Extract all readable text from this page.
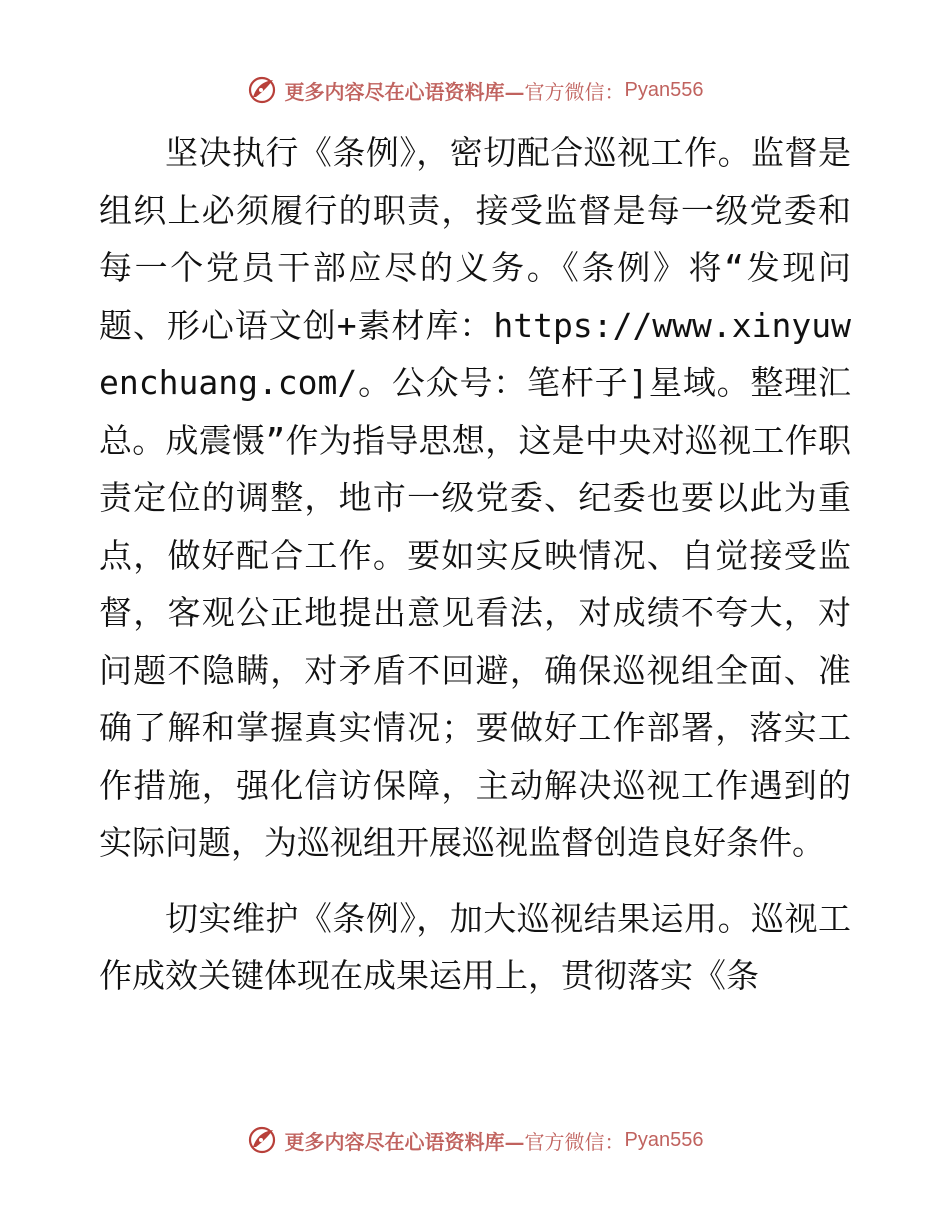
更多内容尽在心语资料库— 官方微信： Pyan556

坚决执行《条例》，密切配合巡视工作。监督是组织上必须履行的职责，接受监督是每一级党委和每一个党员干部应尽的义务。《条例》将“发现问题、形心语文创+素材库：https://www.xinyuwenchuang.com/。公众号：笔杆子]星域。整理汇总。成震慑”作为指导思想，这是中央对巡视工作职责定位的调整，地市一级党委、纪委也要以此为重点，做好配合工作。要如实反映情况、自觉接受监督，客观公正地提出意见看法，对成绩不夸大，对问题不隐瞒，对矛盾不回避，确保巡视组全面、准确了解和掌握真实情况；要做好工作部署，落实工作措施，强化信访保障，主动解决巡视工作遇到的实际问题，为巡视组开展巡视监督创造良好条件。

切实维护《条例》，加大巡视结果运用。巡视工作成效关键体现在成果运用上，贯彻落实《条

更多内容尽在心语资料库— 官方微信： Pyan556
